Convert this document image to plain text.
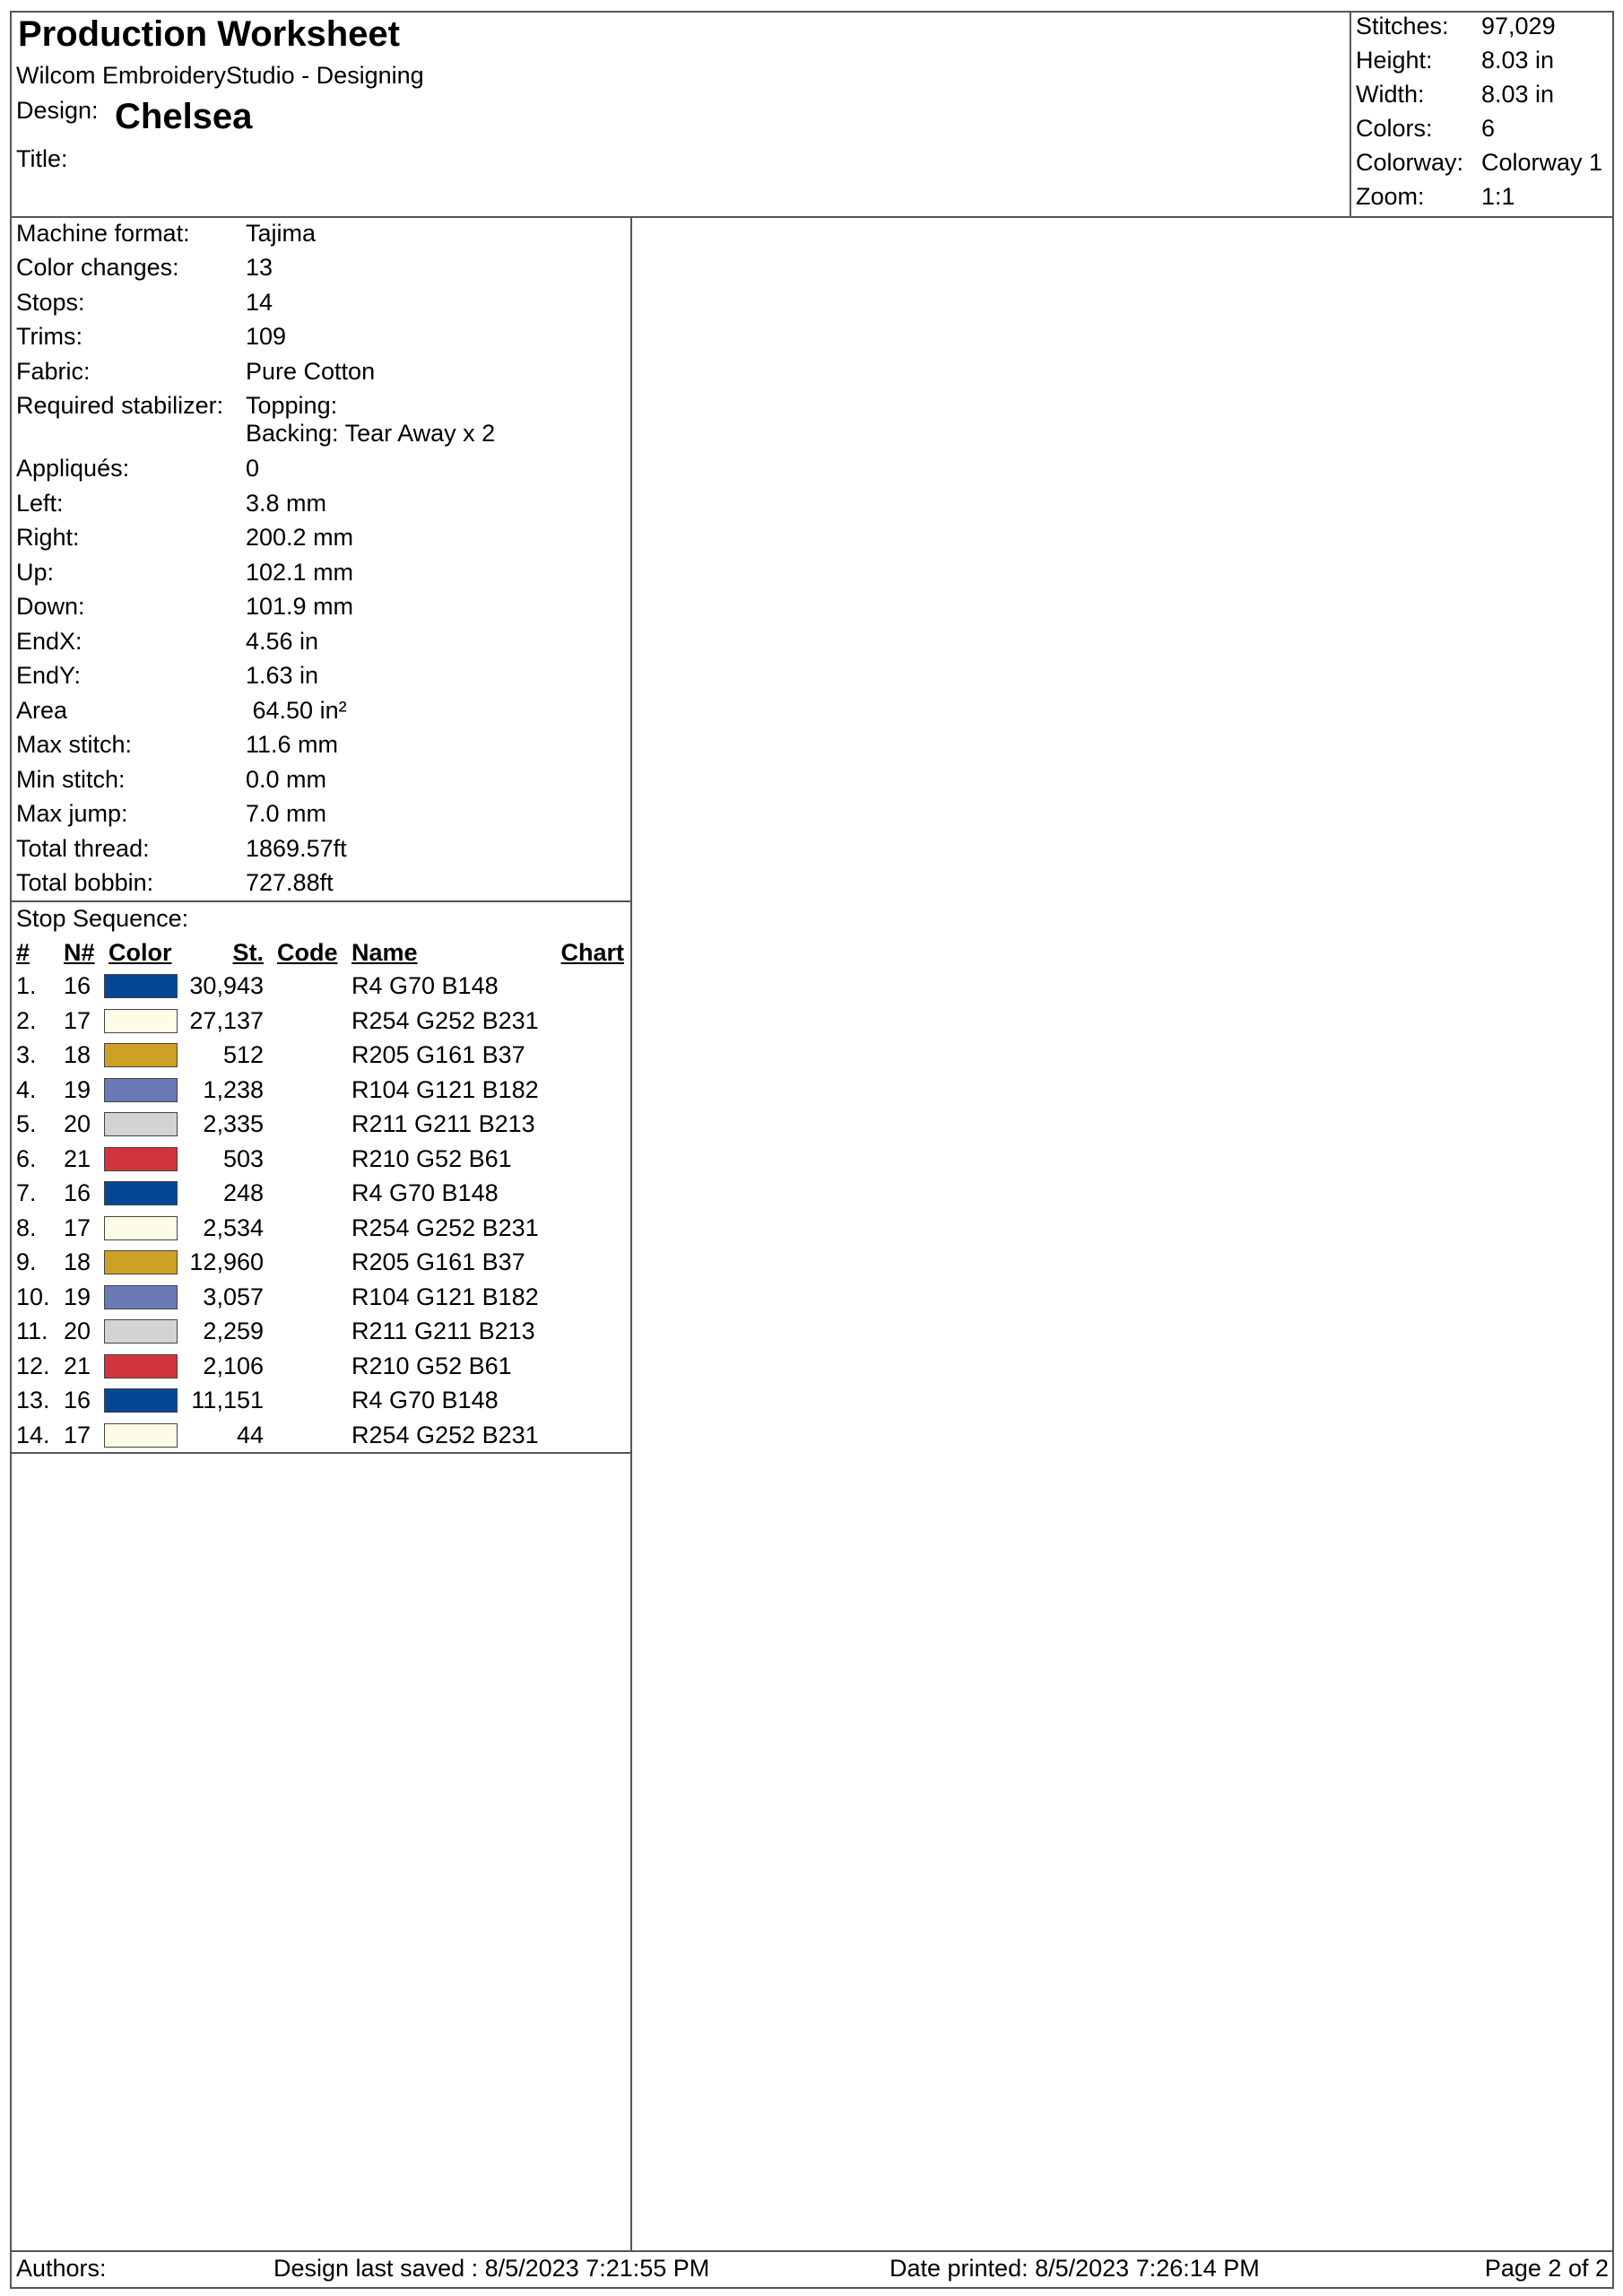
Production Worksheet
Wilcom EmbroideryStudio - Designing
Design: Chelsea
Title:
Stitches: 97,029
Height: 8.03 in
Width: 8.03 in
Colors: 6
Colorway: Colorway 1
Zoom: 1:1
Machine format: Tajima
Color changes:	13
Stops:	14
Trims:	109
Fabric:	Pure Cotton
Required stabilizer: Topping:
Backing: Tear Away x 2
Appliqués:	0
Left:	3.8 mm
Right:	200.2 mm
Up:	102.1 mm
Down:	101.9 mm
EndX:	4.56 in
EndY:	1.63 in
Area	64.50 in²
Max stitch:	11.6 mm
Min stitch:	0.0 mm
Max jump:	7.0 mm
Total thread:	1869.57ft
Total bobbin:	727.88ft
Stop Sequence:
# N# Color	St. Code Name	Chart
1. 16	30,943	R4 G70 B148
2. 17	27,137	R254 G252 B231
3. 18	512	R205 G161 B37
4. 19	1,238	R104 G121 B182
5. 20	2,335	R211 G211 B213
6. 21	503	R210 G52 B61
7. 16	248	R4 G70 B148
8. 17	2,534	R254 G252 B231
9. 18	12,960	R205 G161 B37
10. 19	3,057	R104 G121 B182
11. 20	2,259	R211 G211 B213
12. 21	2,106	R210 G52 B61
13. 16	11,151	R4 G70 B148
14. 17	44	R254 G252 B231
Authors:	Design last saved : 8/5/2023 7:21:55 PM	Date printed: 8/5/2023 7:26:14 PM	Page 2 of 2
